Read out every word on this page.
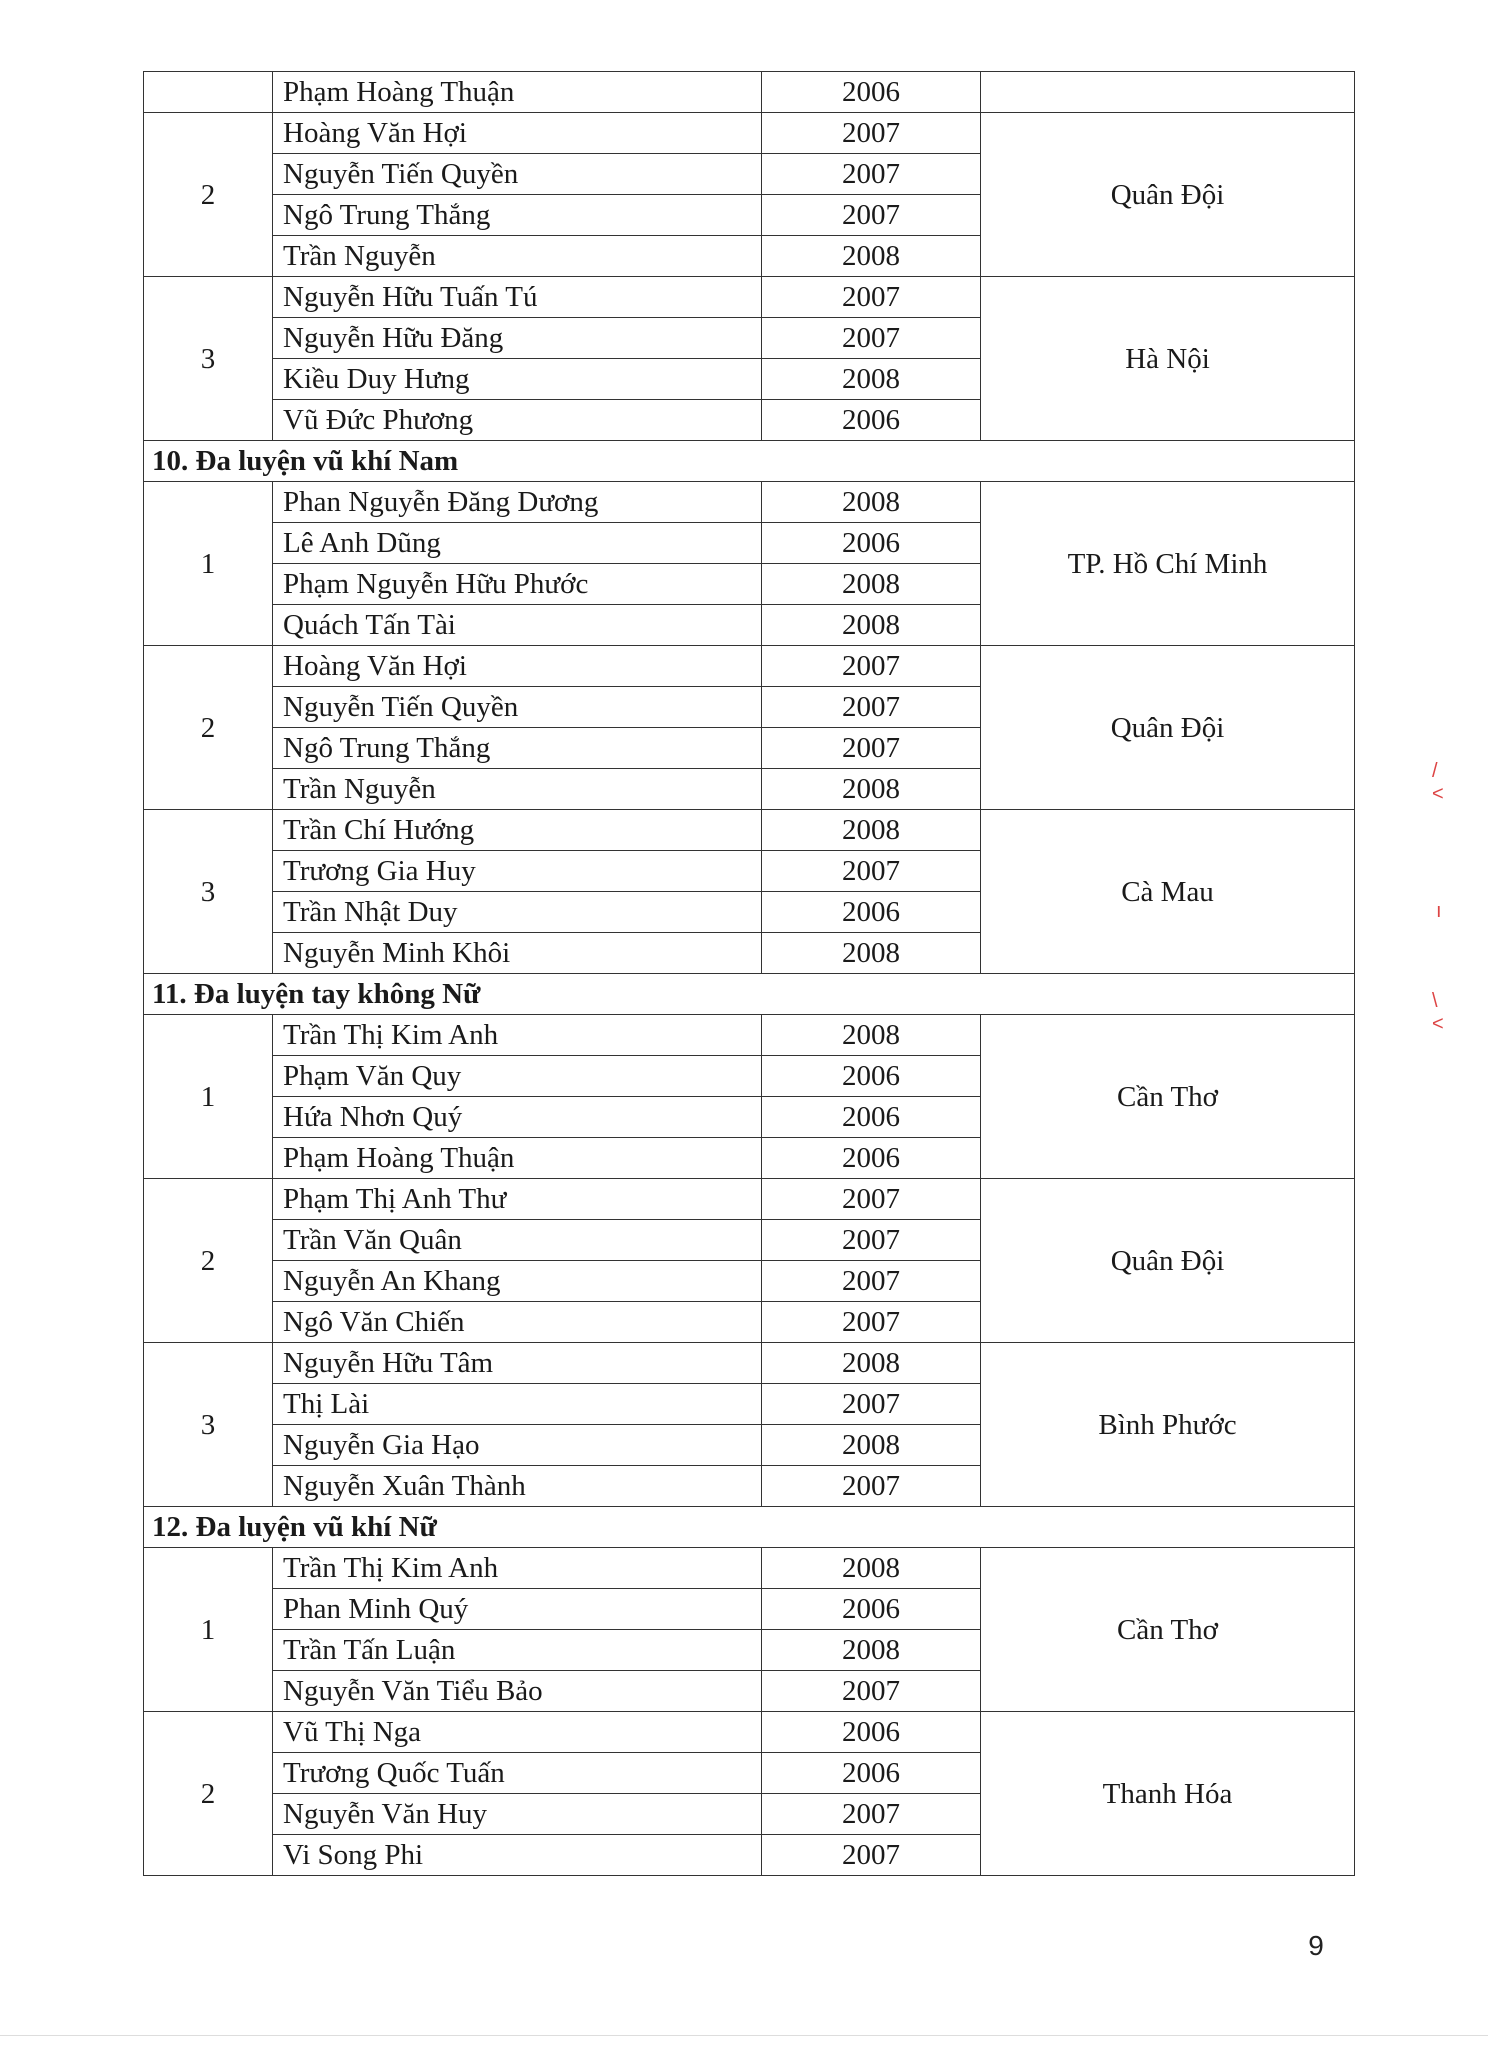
	Phạm Hoàng Thuận	2006	
2	Hoàng Văn Hợi	2007	Quân Đội
	Nguyễn Tiến Quyền	2007	
	Ngô Trung Thắng	2007	
	Trần Nguyễn	2008	
3	Nguyễn Hữu Tuấn Tú	2007	Hà Nội
	Nguyễn Hữu Đăng	2007	
	Kiều Duy Hưng	2008	
	Vũ Đức Phương	2006	
10. Đa luyện vũ khí Nam			
1	Phan Nguyễn Đăng Dương	2008	TP. Hồ Chí Minh
	Lê Anh Dũng	2006	
	Phạm Nguyễn Hữu Phước	2008	
	Quách Tấn Tài	2008	
2	Hoàng Văn Hợi	2007	Quân Đội
	Nguyễn Tiến Quyền	2007	
	Ngô Trung Thắng	2007	
	Trần Nguyễn	2008	
3	Trần Chí Hướng	2008	Cà Mau
	Trương Gia Huy	2007	
	Trần Nhật Duy	2006	
	Nguyễn Minh Khôi	2008	
11. Đa luyện tay không Nữ			
1	Trần Thị Kim Anh	2008	Cần Thơ
	Phạm Văn Quy	2006	
	Hứa Nhơn Quý	2006	
	Phạm Hoàng Thuận	2006	
2	Phạm Thị Anh Thư	2007	Quân Đội
	Trần Văn Quân	2007	
	Nguyễn An Khang	2007	
	Ngô Văn Chiến	2007	
3	Nguyễn Hữu Tâm	2008	Bình Phước
	Thị Lài	2007	
	Nguyễn Gia Hạo	2008	
	Nguyễn Xuân Thành	2007	
12. Đa luyện vũ khí Nữ			
1	Trần Thị Kim Anh	2008	Cần Thơ
	Phan Minh Quý	2006	
	Trần Tấn Luận	2008	
	Nguyễn Văn Tiểu Bảo	2007	
2	Vũ Thị Nga	2006	Thanh Hóa
	Trương Quốc Tuấn	2006	
	Nguyễn Văn Huy	2007	
	Vi Song Phi	2007	
9
/ <
ı
\ <
